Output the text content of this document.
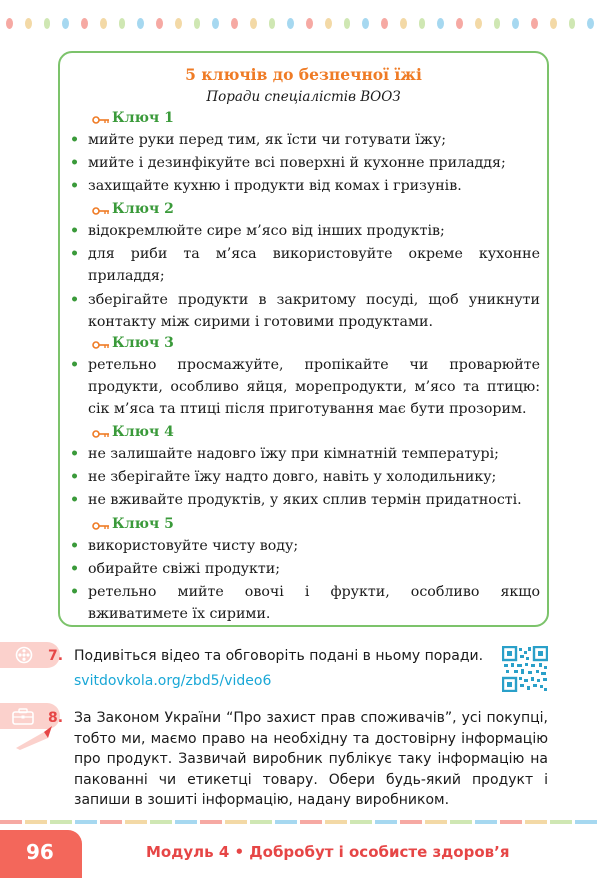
5 ключів до безпечної їжі
Поради спеціалістів ВООЗ
Ключ 1
• мийте руки перед тим, як їсти чи готувати їжу;
• мийте і дезинфікуйте всі поверхні й кухонне приладдя;
• захищайте кухню і продукти від комах і гризунів.
Ключ 2
• відокремлюйте сире м’ясо від інших продуктів;
• для риби та м’яса використовуйте окреме кухонне приладдя;
• зберігайте продукти в закритому посуді, щоб уникнути контакту між сирими і готовими продуктами.
Ключ 3
• ретельно просмажуйте, пропікайте чи проварюйте продукти, особливо яйця, морепродукти, м’ясо та птицю: сік м’яса та птиці після приготування має бути прозорим.
Ключ 4
• не залишайте надовго їжу при кімнатній температурі;
• не зберігайте їжу надто довго, навіть у холодильнику;
• не вживайте продуктів, у яких сплив термін придатності.
Ключ 5
• використовуйте чисту воду;
• обирайте свіжі продукти;
• ретельно мийте овочі і фрукти, особливо якщо вживатимете їх сирими.
7. Подивіться відео та обговоріть подані в ньому поради.
svitdovkola.org/zbd5/video6
8. За Законом України “Про захист прав споживачів”, усі покупці, тобто ми, маємо право на необхідну та достовірну інформацію про продукт. Зазвичай виробник публікує таку інформацію на пакованні чи етикетці товару. Обери будь-який продукт і запиши в зошиті інформацію, надану виробником.
96	Модуль 4 • Добробут і особисте здоров’я
